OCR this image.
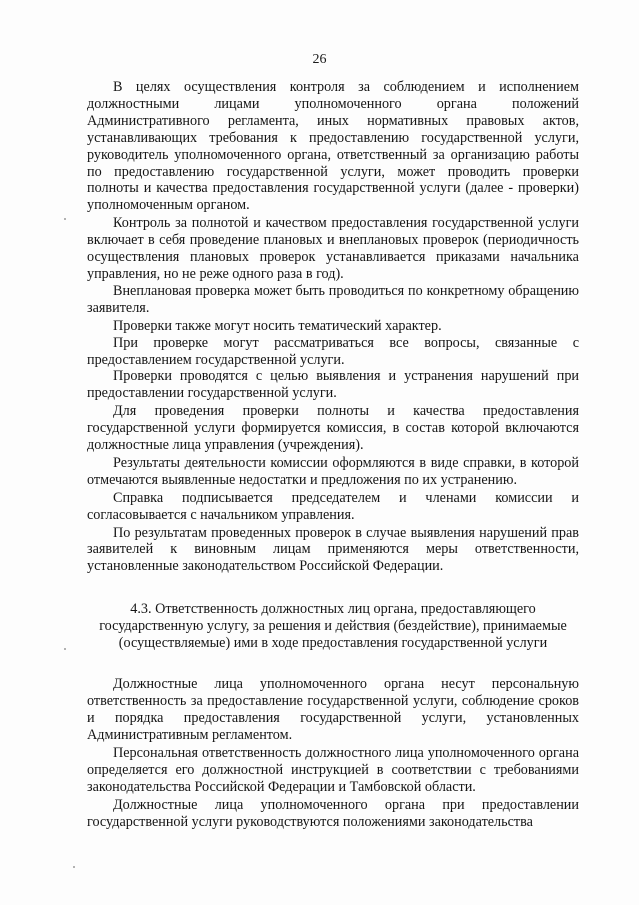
26

В целях осуществления контроля за соблюдением и исполнением должностными лицами уполномоченного органа положений Административного регламента, иных нормативных правовых актов, устанавливающих требования к предоставлению государственной услуги, руководитель уполномоченного органа, ответственный за организацию работы по предоставлению государственной услуги, может проводить проверки полноты и качества предоставления государственной услуги (далее - проверки) уполномоченным органом.

Контроль за полнотой и качеством предоставления государственной услуги включает в себя проведение плановых и внеплановых проверок (периодичность осуществления плановых проверок устанавливается приказами начальника управления, но не реже одного раза в год).

Внеплановая проверка может быть проводиться по конкретному обращению заявителя.

Проверки также могут носить тематический характер.

При проверке могут рассматриваться все вопросы, связанные с предоставлением государственной услуги.

Проверки проводятся с целью выявления и устранения нарушений при предоставлении государственной услуги.

Для проведения проверки полноты и качества предоставления государственной услуги формируется комиссия, в состав которой включаются должностные лица управления (учреждения).

Результаты деятельности комиссии оформляются в виде справки, в которой отмечаются выявленные недостатки и предложения по их устранению.

Справка подписывается председателем и членами комиссии и согласовывается с начальником управления.

По результатам проведенных проверок в случае выявления нарушений прав заявителей к виновным лицам применяются меры ответственности, установленные законодательством Российской Федерации.

4.3. Ответственность должностных лиц органа, предоставляющего
государственную услугу, за решения и действия (бездействие), принимаемые
(осуществляемые) ими в ходе предоставления государственной услуги

Должностные лица уполномоченного органа несут персональную ответственность за предоставление государственной услуги, соблюдение сроков и порядка предоставления государственной услуги, установленных Административным регламентом.

Персональная ответственность должностного лица уполномоченного органа определяется его должностной инструкцией в соответствии с требованиями законодательства Российской Федерации и Тамбовской области.

Должностные лица уполномоченного органа при предоставлении государственной услуги руководствуются положениями законодательства
